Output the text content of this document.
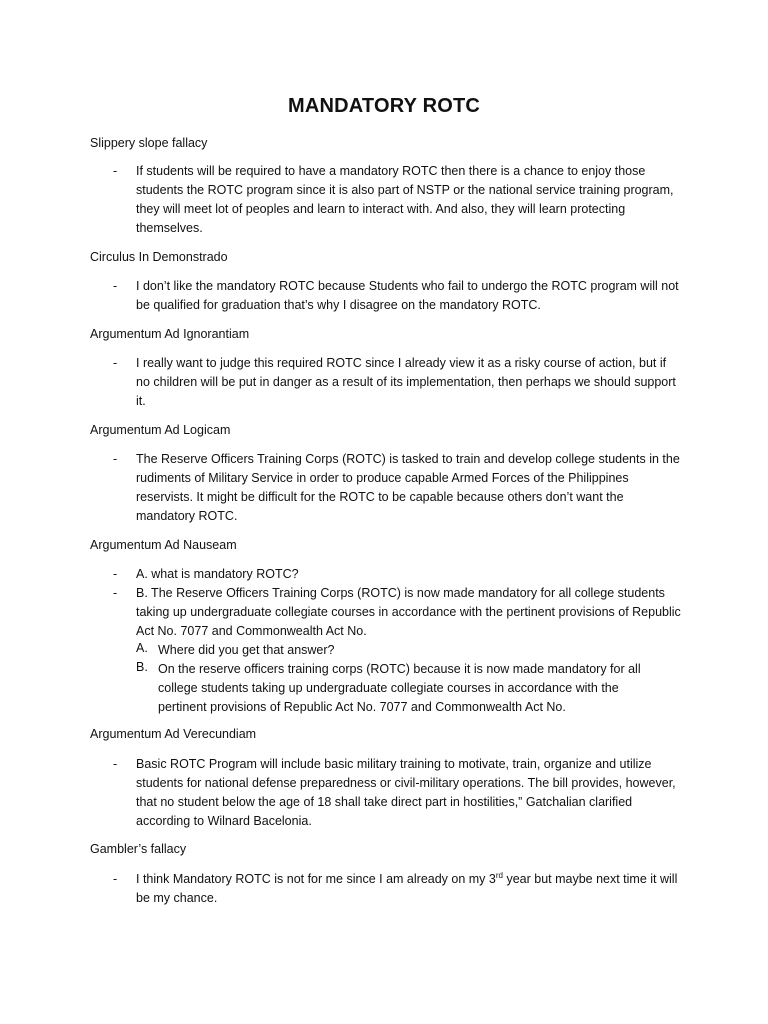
MANDATORY ROTC
Slippery slope fallacy
- If students will be required to have a mandatory ROTC then there is a chance to enjoy those students the ROTC program since it is also part of NSTP or the national service training program, they will meet lot of peoples and learn to interact with. And also, they will learn protecting themselves.
Circulus In Demonstrado
- I don’t like the mandatory ROTC because Students who fail to undergo the ROTC program will not be qualified for graduation that’s why I disagree on the mandatory ROTC.
Argumentum Ad Ignorantiam
- I really want to judge this required ROTC since I already view it as a risky course of action, but if no children will be put in danger as a result of its implementation, then perhaps we should support it.
Argumentum Ad Logicam
- The Reserve Officers Training Corps (ROTC) is tasked to train and develop college students in the rudiments of Military Service in order to produce capable Armed Forces of the Philippines reservists. It might be difficult for the ROTC to be capable because others don’t want the mandatory ROTC.
Argumentum Ad Nauseam
- A. what is mandatory ROTC?
- B. The Reserve Officers Training Corps (ROTC) is now made mandatory for all college students taking up undergraduate collegiate courses in accordance with the pertinent provisions of Republic Act No. 7077 and Commonwealth Act No.
A. Where did you get that answer?
B. On the reserve officers training corps (ROTC) because it is now made mandatory for all college students taking up undergraduate collegiate courses in accordance with the pertinent provisions of Republic Act No. 7077 and Commonwealth Act No.
Argumentum Ad Verecundiam
- Basic ROTC Program will include basic military training to motivate, train, organize and utilize students for national defense preparedness or civil-military operations. The bill provides, however, that no student below the age of 18 shall take direct part in hostilities,” Gatchalian clarified according to Wilnard Bacelonia.
Gambler’s fallacy
- I think Mandatory ROTC is not for me since I am already on my 3rd year but maybe next time it will be my chance.
